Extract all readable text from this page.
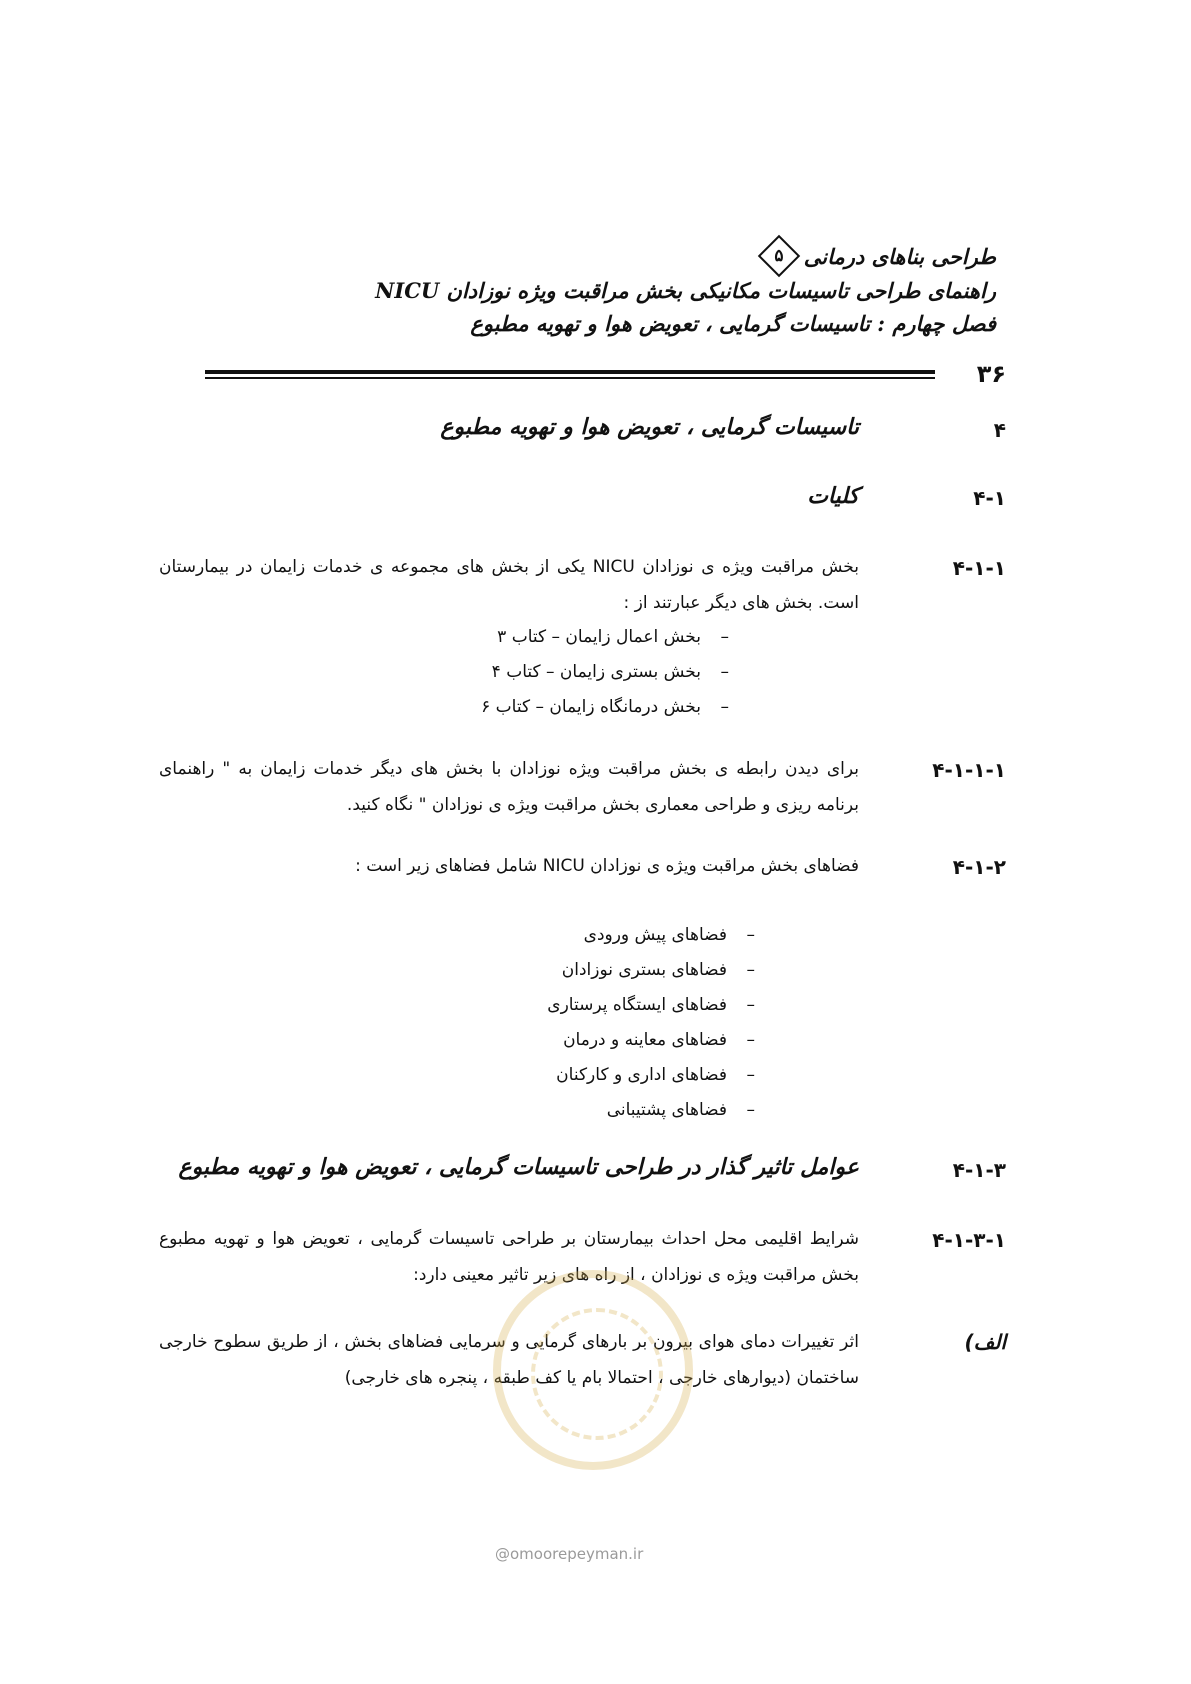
طراحی بناهای درمانی
۵
راهنمای طراحی تاسیسات مکانیکی بخش مراقبت ویژه نوزادان NICU
فصل چهارم : تاسیسات گرمایی ، تعویض هوا و تهویه مطبوع
۳۶
۴
تاسیسات گرمایی ، تعویض هوا و تهویه مطبوع
۴-۱
کلیات
۴-۱-۱
بخش مراقبت ویژه ی نوزادان NICU یکی از بخش های مجموعه ی خدمات زایمان در بیمارستان است. بخش های دیگر عبارتند از :
–بخش اعمال زایمان – کتاب ۳
–بخش بستری زایمان – کتاب ۴
–بخش درمانگاه زایمان – کتاب ۶
۴-۱-۱-۱
برای دیدن رابطه ی بخش مراقبت ویژه نوزادان با بخش های دیگر خدمات زایمان به " راهنمای برنامه ریزی و طراحی معماری بخش مراقبت ویژه ی نوزادان " نگاه کنید.
۴-۱-۲
فضاهای بخش مراقبت ویژه ی نوزادان NICU شامل فضاهای زیر است :
–فضاهای پیش ورودی
–فضاهای بستری نوزادان
–فضاهای ایستگاه پرستاری
–فضاهای معاینه و درمان
–فضاهای اداری و کارکنان
–فضاهای پشتیبانی
۴-۱-۳
عوامل تاثیر گذار در طراحی تاسیسات گرمایی ، تعویض هوا و تهویه مطبوع
۴-۱-۳-۱
شرایط اقلیمی محل احداث بیمارستان بر طراحی تاسیسات گرمایی ، تعویض هوا و تهویه مطبوع بخش مراقبت ویژه ی نوزادان ، از راه های زیر تاثیر معینی دارد:
الف)
اثر تغییرات دمای هوای بیرون بر بارهای گرمایی و سرمایی فضاهای بخش ، از طریق سطوح خارجی ساختمان (دیوارهای خارجی ، احتمالا بام یا کف طبقه ، پنجره های خارجی)
@omoorepeyman.ir
